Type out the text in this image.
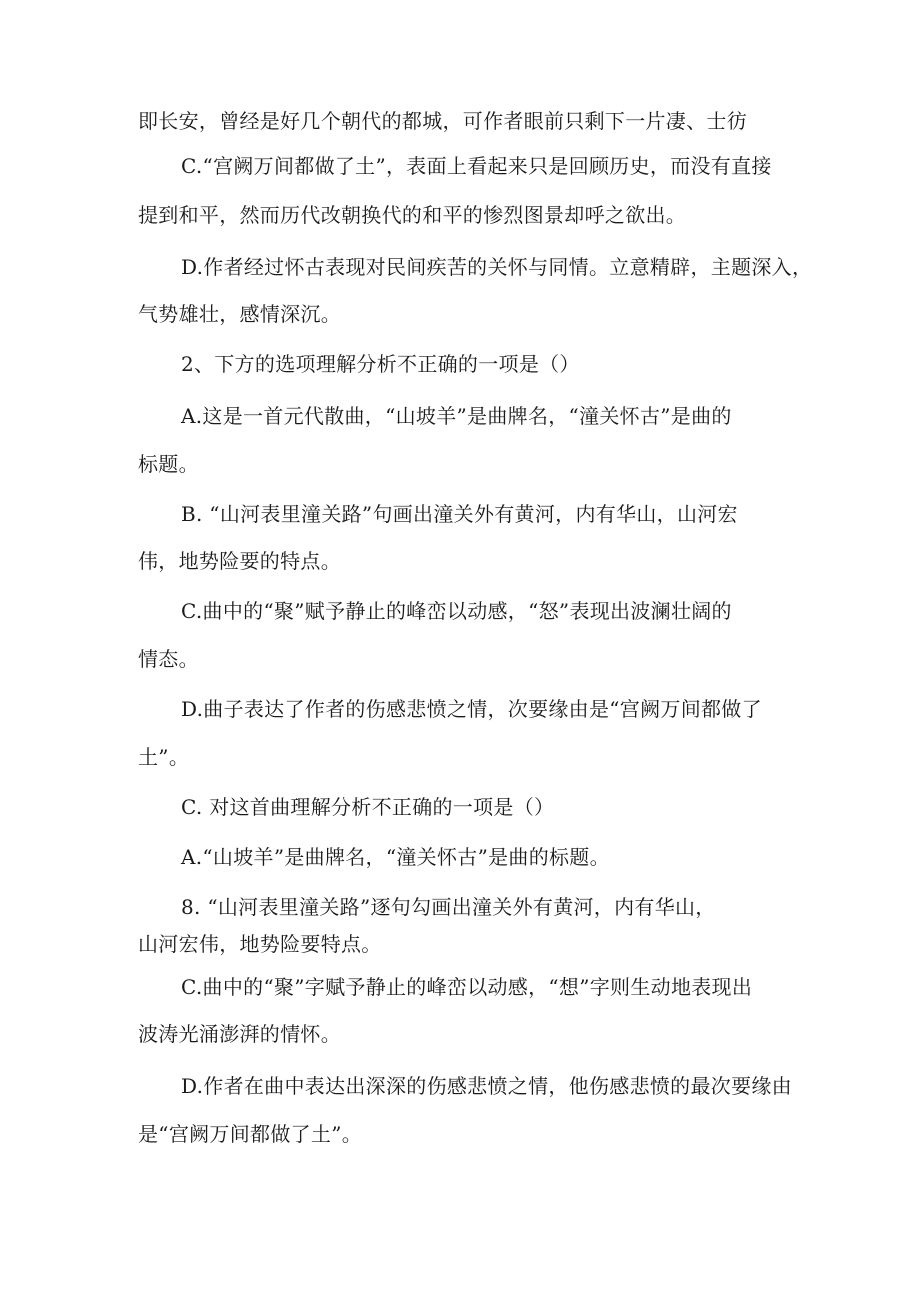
即长安，曾经是好几个朝代的都城，可作者眼前只剩下一片凄、士彷
C.“宫阙万间都做了土”，表面上看起来只是回顾历史，而没有直接
提到和平，然而历代改朝换代的和平的惨烈图景却呼之欲出。
D.作者经过怀古表现对民间疾苦的关怀与同情。立意精辟，主题深入，
气势雄壮，感情深沉。
2、下方的选项理解分析不正确的一项是（）
A.这是一首元代散曲，“山坡羊”是曲牌名，“潼关怀古”是曲的
标题。
B. “山河表里潼关路”句画出潼关外有黄河，内有华山，山河宏
伟，地势险要的特点。
C.曲中的“聚”赋予静止的峰峦以动感，“怒”表现出波澜壮阔的
情态。
D.曲子表达了作者的伤感悲愤之情，次要缘由是“宫阙万间都做了
土”。
C. 对这首曲理解分析不正确的一项是（）
A.“山坡羊”是曲牌名，“潼关怀古”是曲的标题。
8. “山河表里潼关路”逐句勾画出潼关外有黄河，内有华山，
山河宏伟，地势险要特点。
C.曲中的“聚”字赋予静止的峰峦以动感，“想”字则生动地表现出
波涛光涌澎湃的情怀。
D.作者在曲中表达出深深的伤感悲愤之情，他伤感悲愤的最次要缘由
是“宫阙万间都做了土”。
